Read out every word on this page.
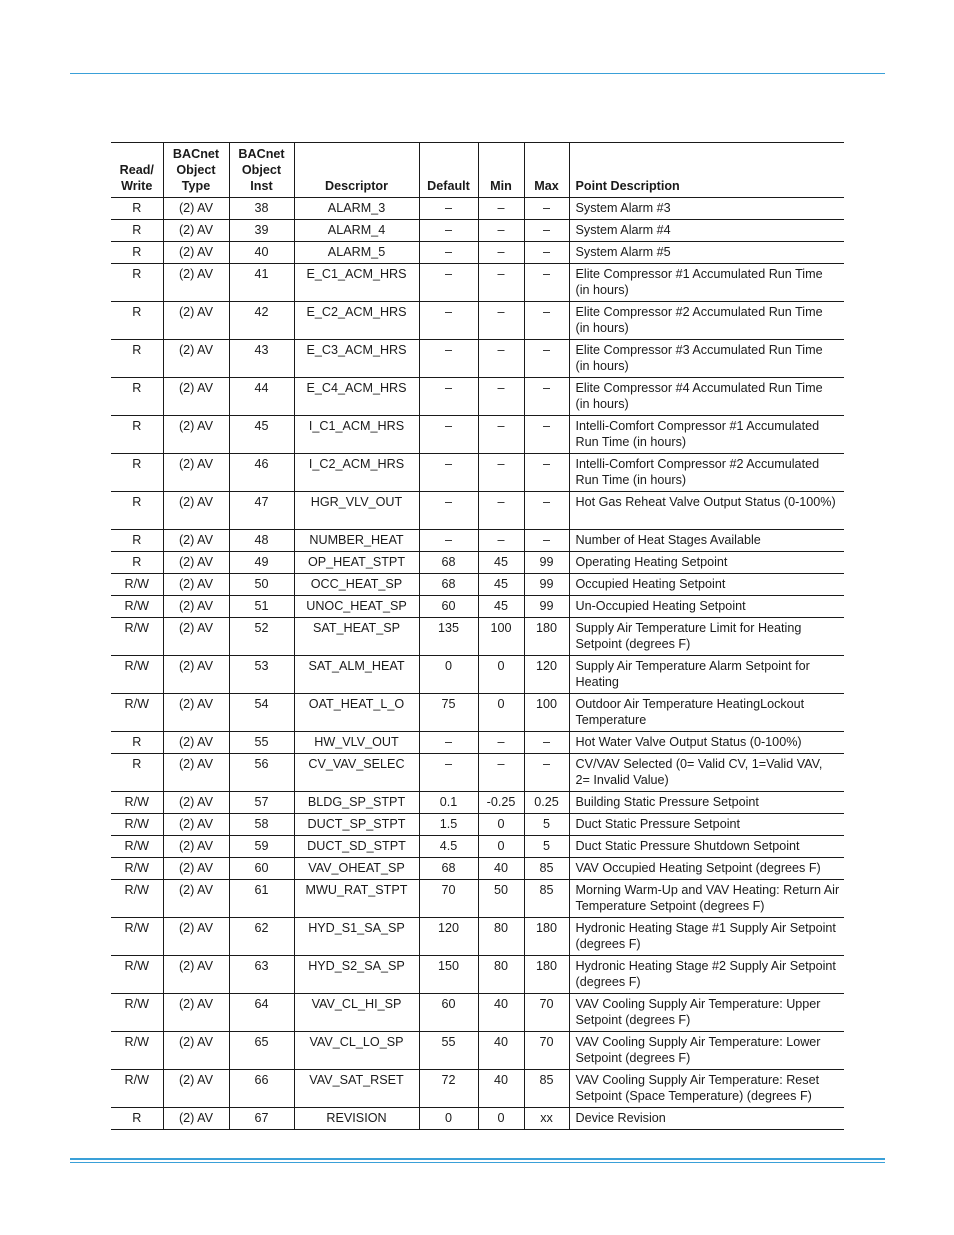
Read/ Write	BACnet Object Type	BACnet Object Inst	Descriptor	Default	Min	Max	Point Description
R	(2) AV	38	ALARM_3	–	–	–	System Alarm #3
R	(2) AV	39	ALARM_4	–	–	–	System Alarm #4
R	(2) AV	40	ALARM_5	–	–	–	System Alarm #5
R	(2) AV	41	E_C1_ACM_HRS	–	–	–	Elite Compressor #1 Accumulated Run Time (in hours)
R	(2) AV	42	E_C2_ACM_HRS	–	–	–	Elite Compressor #2 Accumulated Run Time (in hours)
R	(2) AV	43	E_C3_ACM_HRS	–	–	–	Elite Compressor #3 Accumulated Run Time (in hours)
R	(2) AV	44	E_C4_ACM_HRS	–	–	–	Elite Compressor #4 Accumulated Run Time (in hours)
R	(2) AV	45	I_C1_ACM_HRS	–	–	–	Intelli-Comfort Compressor #1 Accumulated Run Time (in hours)
R	(2) AV	46	I_C2_ACM_HRS	–	–	–	Intelli-Comfort Compressor #2 Accumulated Run Time (in hours)
R	(2) AV	47	HGR_VLV_OUT	–	–	–	Hot Gas Reheat Valve Output Status (0-100%)
R	(2) AV	48	NUMBER_HEAT	–	–	–	Number of Heat Stages Available
R	(2) AV	49	OP_HEAT_STPT	68	45	99	Operating Heating Setpoint
R/W	(2) AV	50	OCC_HEAT_SP	68	45	99	Occupied Heating Setpoint
R/W	(2) AV	51	UNOC_HEAT_SP	60	45	99	Un-Occupied Heating Setpoint
R/W	(2) AV	52	SAT_HEAT_SP	135	100	180	Supply Air Temperature Limit for Heating Setpoint (degrees F)
R/W	(2) AV	53	SAT_ALM_HEAT	0	0	120	Supply Air Temperature Alarm Setpoint for Heating
R/W	(2) AV	54	OAT_HEAT_L_O	75	0	100	Outdoor Air Temperature HeatingLockout Temperature
R	(2) AV	55	HW_VLV_OUT	–	–	–	Hot Water Valve Output Status (0-100%)
R	(2) AV	56	CV_VAV_SELEC	–	–	–	CV/VAV Selected (0= Valid CV, 1=Valid VAV, 2= Invalid Value)
R/W	(2) AV	57	BLDG_SP_STPT	0.1	-0.25	0.25	Building Static Pressure Setpoint
R/W	(2) AV	58	DUCT_SP_STPT	1.5	0	5	Duct Static Pressure Setpoint
R/W	(2) AV	59	DUCT_SD_STPT	4.5	0	5	Duct Static Pressure Shutdown Setpoint
R/W	(2) AV	60	VAV_OHEAT_SP	68	40	85	VAV Occupied Heating Setpoint (degrees F)
R/W	(2) AV	61	MWU_RAT_STPT	70	50	85	Morning Warm-Up and VAV Heating: Return Air Temperature Setpoint (degrees F)
R/W	(2) AV	62	HYD_S1_SA_SP	120	80	180	Hydronic Heating Stage #1 Supply Air Setpoint (degrees F)
R/W	(2) AV	63	HYD_S2_SA_SP	150	80	180	Hydronic Heating Stage #2 Supply Air Setpoint (degrees F)
R/W	(2) AV	64	VAV_CL_HI_SP	60	40	70	VAV Cooling Supply Air Temperature: Upper Setpoint (degrees F)
R/W	(2) AV	65	VAV_CL_LO_SP	55	40	70	VAV Cooling Supply Air Temperature: Lower Setpoint (degrees F)
R/W	(2) AV	66	VAV_SAT_RSET	72	40	85	VAV Cooling Supply Air Temperature: Reset Setpoint (Space Temperature) (degrees F)
R	(2) AV	67	REVISION	0	0	xx	Device Revision
